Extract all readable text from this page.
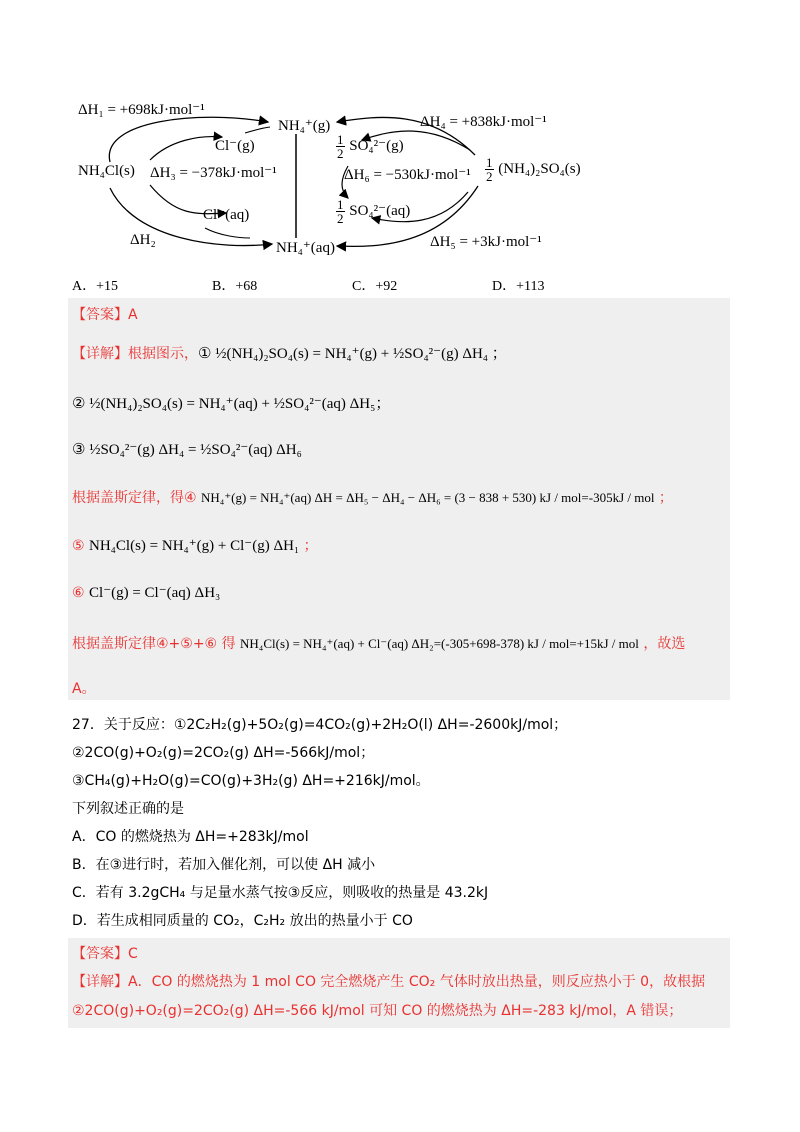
ΔH₁ = +698kJ·mol⁻¹
NH₄⁺(g)
Cl⁻(g)
NH₄Cl(s) ΔH₃ = −378kJ·mol⁻¹
Cl⁻(aq)
ΔH₂	NH₄⁺(aq)
ΔH₄ = +838kJ·mol⁻¹
$\frac{1}{2} SO_4^{2-}(g)$
$\Delta H_6 = -530kJ\cdot mol^{-1} \frac{1}{2} (NH_4)_2SO_4(s)$
$\frac{1}{2} SO_4^{2-}(aq)$
ΔH₅ = +3kJ·mol⁻¹
A．+15	B．+68	C．+92	D．+113
【答案】A
【详解】根据图示，① ½(NH₄)₂SO₄(s) = NH₄⁺(g) + ½SO₄²⁻(g) ΔH₄ ；
② ½(NH₄)₂SO₄(s) = NH₄⁺(aq) + ½SO₄²⁻(aq) ΔH₅；
③ ½SO₄²⁻(g) ΔH₄ = ½SO₄²⁻(aq) ΔH₆
根据盖斯定律，得④ NH₄⁺(g) = NH₄⁺(aq) ΔH = ΔH₅ − ΔH₄ − ΔH₆ = (3 − 838 + 530) kJ / mol=-305kJ / mol ；
⑤ NH₄Cl(s) = NH₄⁺(g) + Cl⁻(g) ΔH₁ ；
⑥ Cl⁻(g) = Cl⁻(aq) ΔH₃
根据盖斯定律④+⑤+⑥ 得 NH₄Cl(s) = NH₄⁺(aq) + Cl⁻(aq) ΔH₂=(-305+698-378) kJ / mol=+15kJ / mol ，故选
A。
27．关于反应：①2C₂H₂(g)+5O₂(g)=4CO₂(g)+2H₂O(l) ΔH=-2600kJ/mol；
②2CO(g)+O₂(g)=2CO₂(g) ΔH=-566kJ/mol；
③CH₄(g)+H₂O(g)=CO(g)+3H₂(g) ΔH=+216kJ/mol。
下列叙述正确的是
A．CO 的燃烧热为 ΔH=+283kJ/mol
B．在③进行时，若加入催化剂，可以使 ΔH 减小
C．若有 3.2gCH₄ 与足量水蒸气按③反应，则吸收的热量是 43.2kJ
D．若生成相同质量的 CO₂，C₂H₂ 放出的热量小于 CO
【答案】C
【详解】A．CO 的燃烧热为 1 mol CO 完全燃烧产生 CO₂ 气体时放出热量，则反应热小于 0，故根据
②2CO(g)+O₂(g)=2CO₂(g) ΔH=-566 kJ/mol 可知 CO 的燃烧热为 ΔH=-283 kJ/mol，A 错误；
